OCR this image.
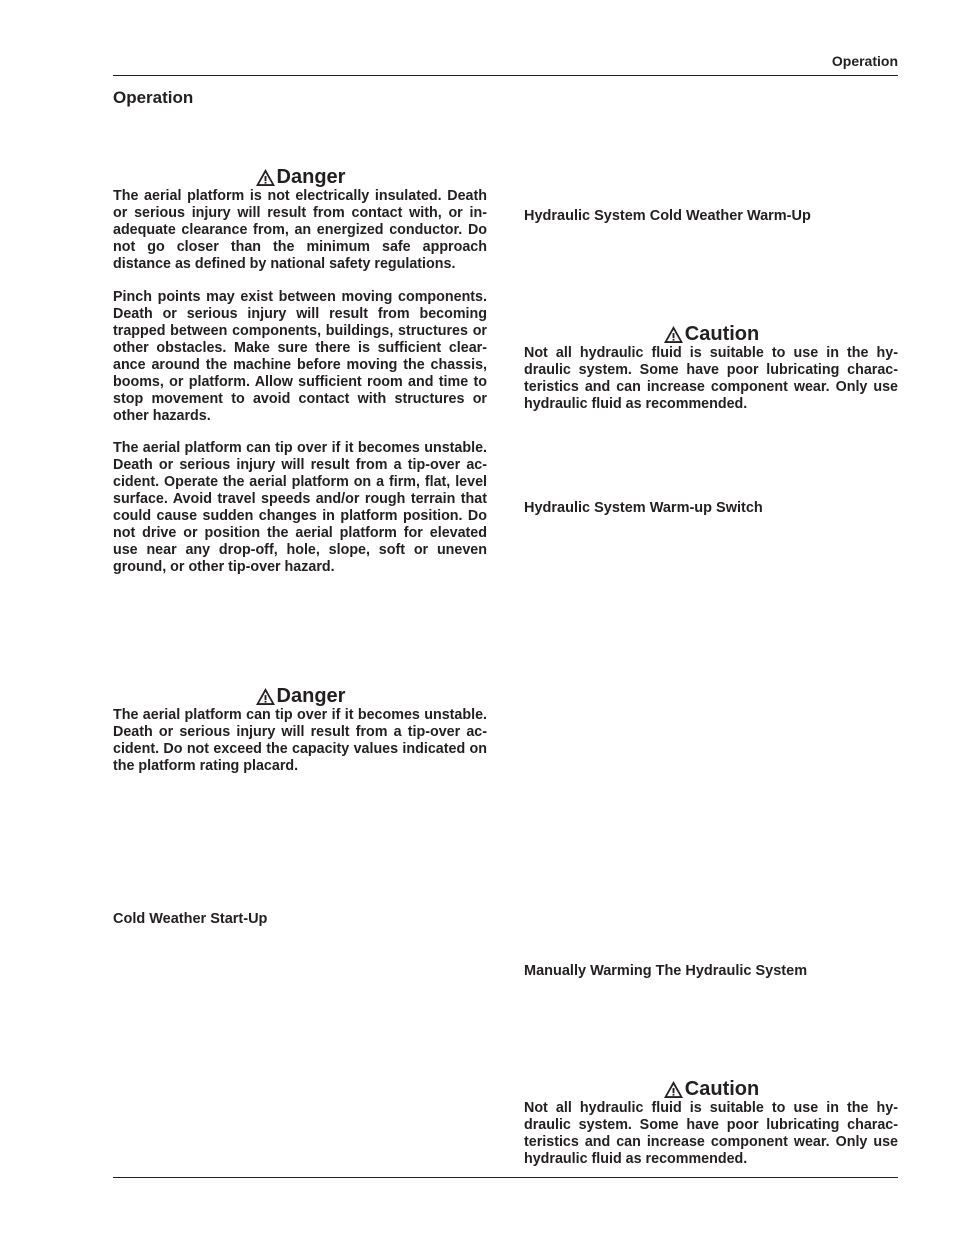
Operation
Operation
Danger
The aerial platform is not electrically insulated. Death or serious injury will result from contact with, or in-adequate clearance from, an energized conductor. Do not go closer than the minimum safe approach distance as defined by national safety regulations.
Pinch points may exist between moving components. Death or serious injury will result from becoming trapped between components, buildings, structures or other obstacles. Make sure there is sufficient clear-ance around the machine before moving the chassis, booms, or platform. Allow sufficient room and time to stop movement to avoid contact with structures or other hazards.
The aerial platform can tip over if it becomes unstable. Death or serious injury will result from a tip-over ac-cident. Operate the aerial platform on a firm, flat, level surface. Avoid travel speeds and/or rough terrain that could cause sudden changes in platform position. Do not drive or position the aerial platform for elevated use near any drop-off, hole, slope, soft or uneven ground, or other tip-over hazard.
Danger
The aerial platform can tip over if it becomes unstable. Death or serious injury will result from a tip-over ac-cident. Do not exceed the capacity values indicated on the platform rating placard.
Cold Weather Start-Up
Hydraulic System Cold Weather Warm-Up
Caution
Not all hydraulic fluid is suitable to use in the hy-draulic system. Some have poor lubricating charac-teristics and can increase component wear. Only use hydraulic fluid as recommended.
Hydraulic System Warm-up Switch
Manually Warming The Hydraulic System
Caution
Not all hydraulic fluid is suitable to use in the hy-draulic system. Some have poor lubricating charac-teristics and can increase component wear. Only use hydraulic fluid as recommended.
